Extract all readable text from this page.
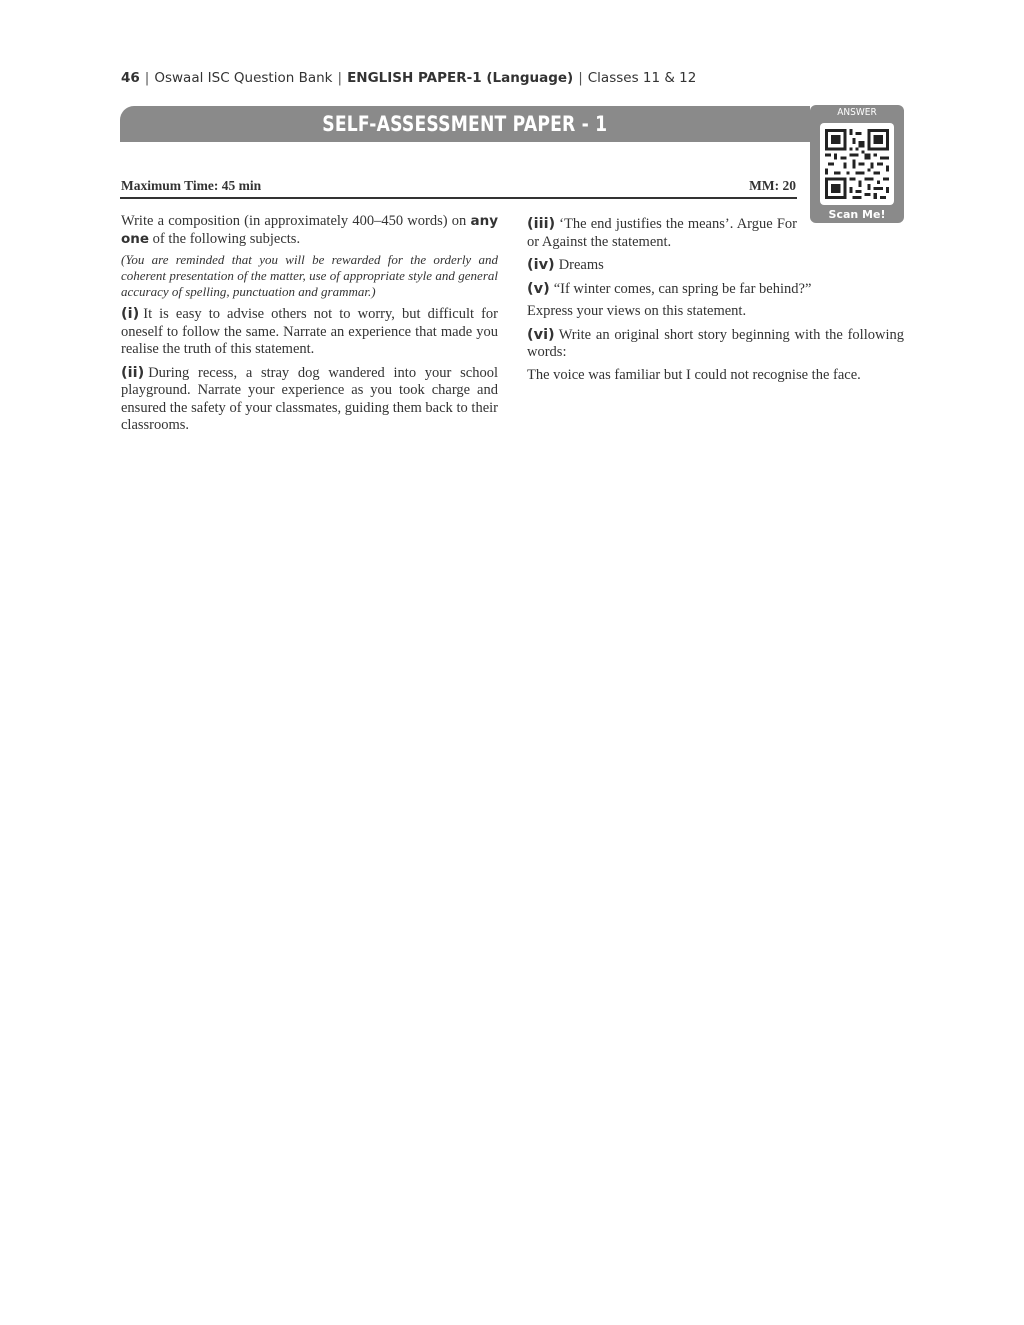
46 | Oswaal ISC Question Bank | ENGLISH PAPER-1 (Language) | Classes 11 & 12
SELF-ASSESSMENT PAPER - 1	ANSWER
Scan Me!
Maximum Time: 45 min	MM: 20

Write a composition (in approximately 400–450 words) on any one of the following subjects.

(You are reminded that you will be rewarded for the orderly and coherent presentation of the matter, use of appropriate style and general accuracy of spelling, punctuation and grammar.)

(i) It is easy to advise others not to worry, but difficult for oneself to follow the same. Narrate an experience that made you realise the truth of this statement.

(ii) During recess, a stray dog wandered into your school playground. Narrate your experience as you took charge and ensured the safety of your classmates, guiding them back to their classrooms.

(iii) ‘The end justifies the means’. Argue For or Against the statement.

(iv) Dreams

(v) “If winter comes, can spring be far behind?”

Express your views on this statement.

(vi) Write an original short story beginning with the following words:

The voice was familiar but I could not recognise the face.
